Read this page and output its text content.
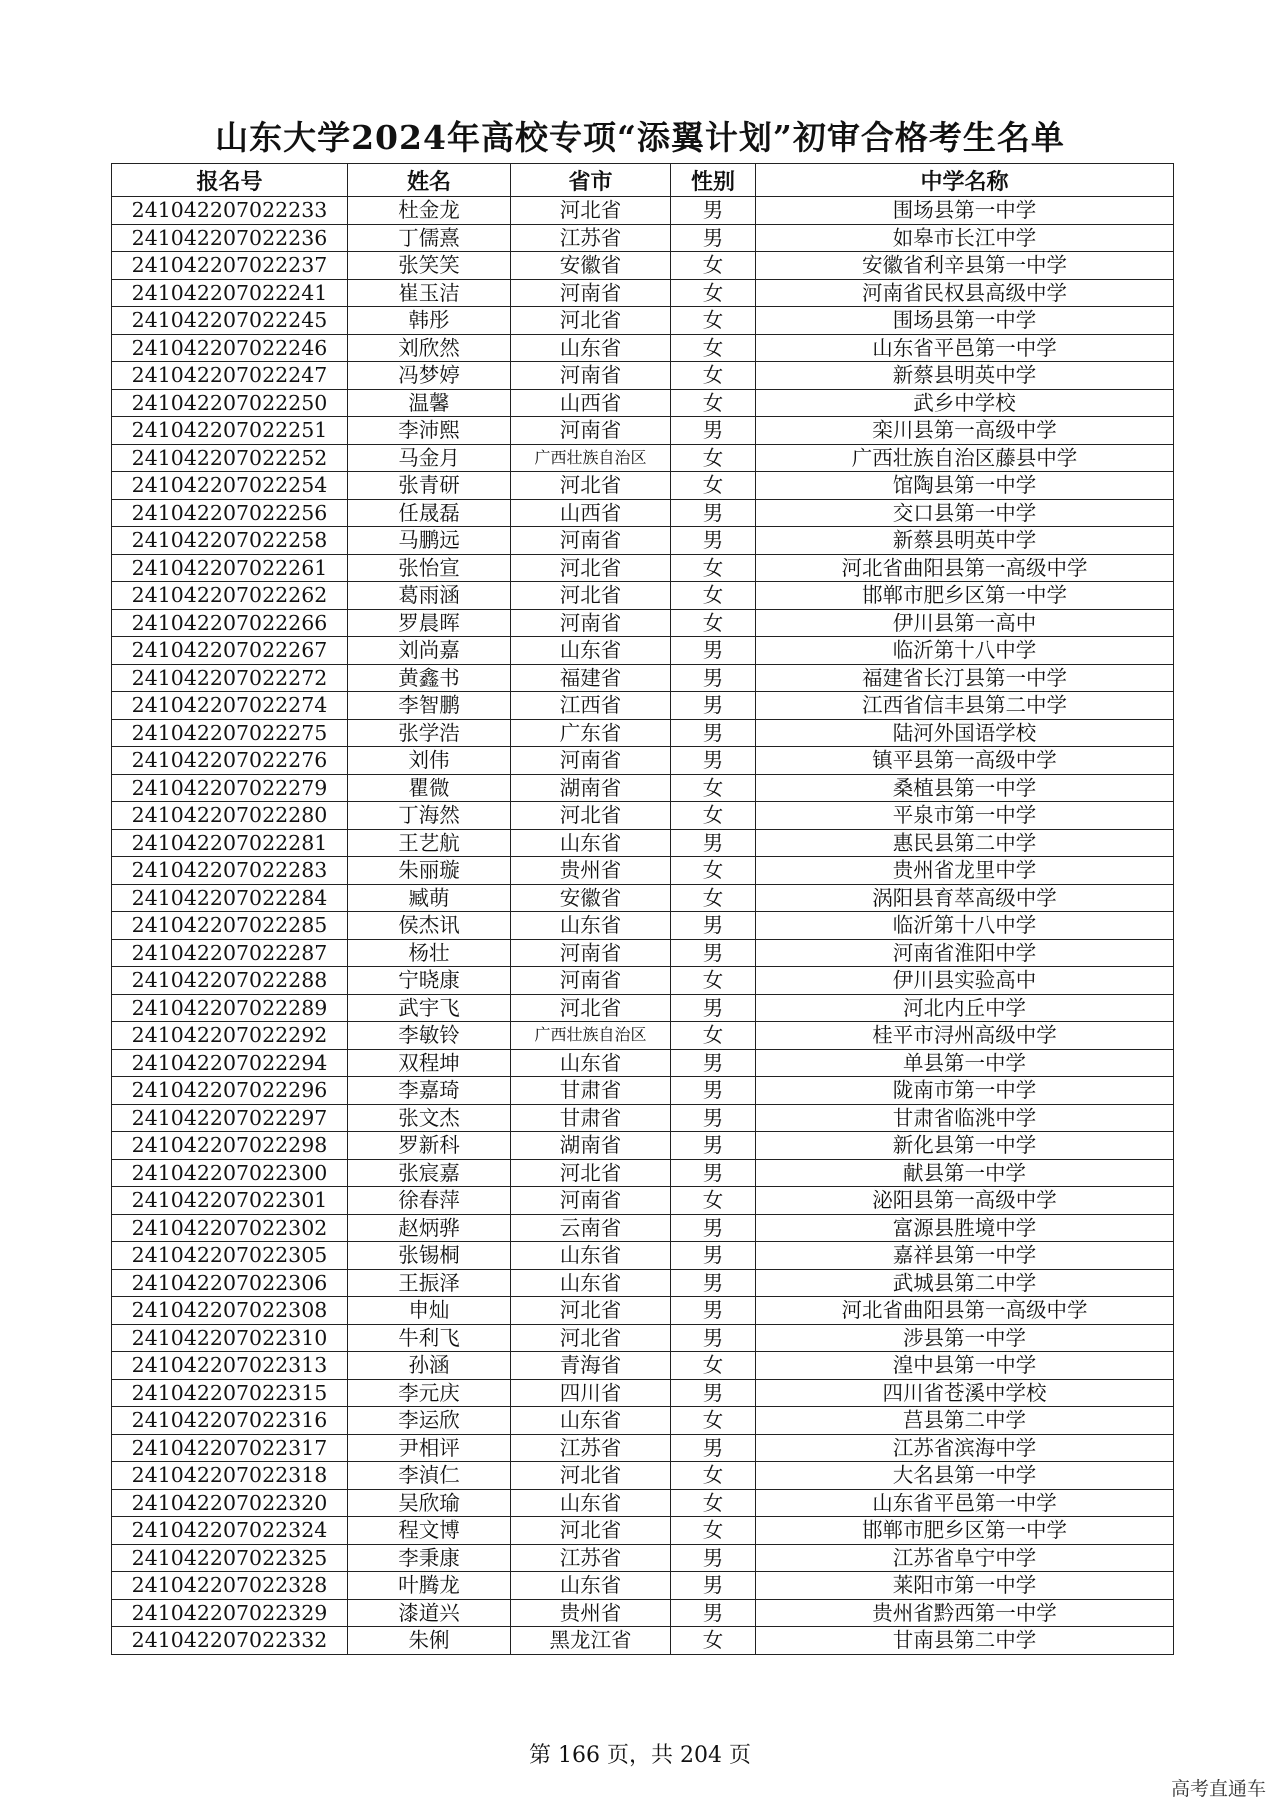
山东大学2024年高校专项“添翼计划”初审合格考生名单
报名号	姓名	省市	性别	中学名称
241042207022233	杜金龙	河北省	男	围场县第一中学
241042207022236	丁儒熹	江苏省	男	如皋市长江中学
241042207022237	张笑笑	安徽省	女	安徽省利辛县第一中学
241042207022241	崔玉洁	河南省	女	河南省民权县高级中学
241042207022245	韩彤	河北省	女	围场县第一中学
241042207022246	刘欣然	山东省	女	山东省平邑第一中学
241042207022247	冯梦婷	河南省	女	新蔡县明英中学
241042207022250	温馨	山西省	女	武乡中学校
241042207022251	李沛熙	河南省	男	栾川县第一高级中学
241042207022252	马金月	广西壮族自治区	女	广西壮族自治区藤县中学
241042207022254	张青研	河北省	女	馆陶县第一中学
241042207022256	任晟磊	山西省	男	交口县第一中学
241042207022258	马鹏远	河南省	男	新蔡县明英中学
241042207022261	张怡宣	河北省	女	河北省曲阳县第一高级中学
241042207022262	葛雨涵	河北省	女	邯郸市肥乡区第一中学
241042207022266	罗晨晖	河南省	女	伊川县第一高中
241042207022267	刘尚嘉	山东省	男	临沂第十八中学
241042207022272	黄鑫书	福建省	男	福建省长汀县第一中学
241042207022274	李智鹏	江西省	男	江西省信丰县第二中学
241042207022275	张学浩	广东省	男	陆河外国语学校
241042207022276	刘伟	河南省	男	镇平县第一高级中学
241042207022279	瞿微	湖南省	女	桑植县第一中学
241042207022280	丁海然	河北省	女	平泉市第一中学
241042207022281	王艺航	山东省	男	惠民县第二中学
241042207022283	朱丽璇	贵州省	女	贵州省龙里中学
241042207022284	臧萌	安徽省	女	涡阳县育萃高级中学
241042207022285	侯杰讯	山东省	男	临沂第十八中学
241042207022287	杨壮	河南省	男	河南省淮阳中学
241042207022288	宁晓康	河南省	女	伊川县实验高中
241042207022289	武宇飞	河北省	男	河北内丘中学
241042207022292	李敏铃	广西壮族自治区	女	桂平市浔州高级中学
241042207022294	双程坤	山东省	男	单县第一中学
241042207022296	李嘉琦	甘肃省	男	陇南市第一中学
241042207022297	张文杰	甘肃省	男	甘肃省临洮中学
241042207022298	罗新科	湖南省	男	新化县第一中学
241042207022300	张宸嘉	河北省	男	献县第一中学
241042207022301	徐春萍	河南省	女	泌阳县第一高级中学
241042207022302	赵炳骅	云南省	男	富源县胜境中学
241042207022305	张锡桐	山东省	男	嘉祥县第一中学
241042207022306	王振泽	山东省	男	武城县第二中学
241042207022308	申灿	河北省	男	河北省曲阳县第一高级中学
241042207022310	牛利飞	河北省	男	涉县第一中学
241042207022313	孙涵	青海省	女	湟中县第一中学
241042207022315	李元庆	四川省	男	四川省苍溪中学校
241042207022316	李运欣	山东省	女	莒县第二中学
241042207022317	尹相评	江苏省	男	江苏省滨海中学
241042207022318	李湞仁	河北省	女	大名县第一中学
241042207022320	吴欣瑜	山东省	女	山东省平邑第一中学
241042207022324	程文博	河北省	女	邯郸市肥乡区第一中学
241042207022325	李秉康	江苏省	男	江苏省阜宁中学
241042207022328	叶腾龙	山东省	男	莱阳市第一中学
241042207022329	漆道兴	贵州省	男	贵州省黔西第一中学
241042207022332	朱俐	黑龙江省	女	甘南县第二中学
第 166 页，共 204 页
高考直通车
